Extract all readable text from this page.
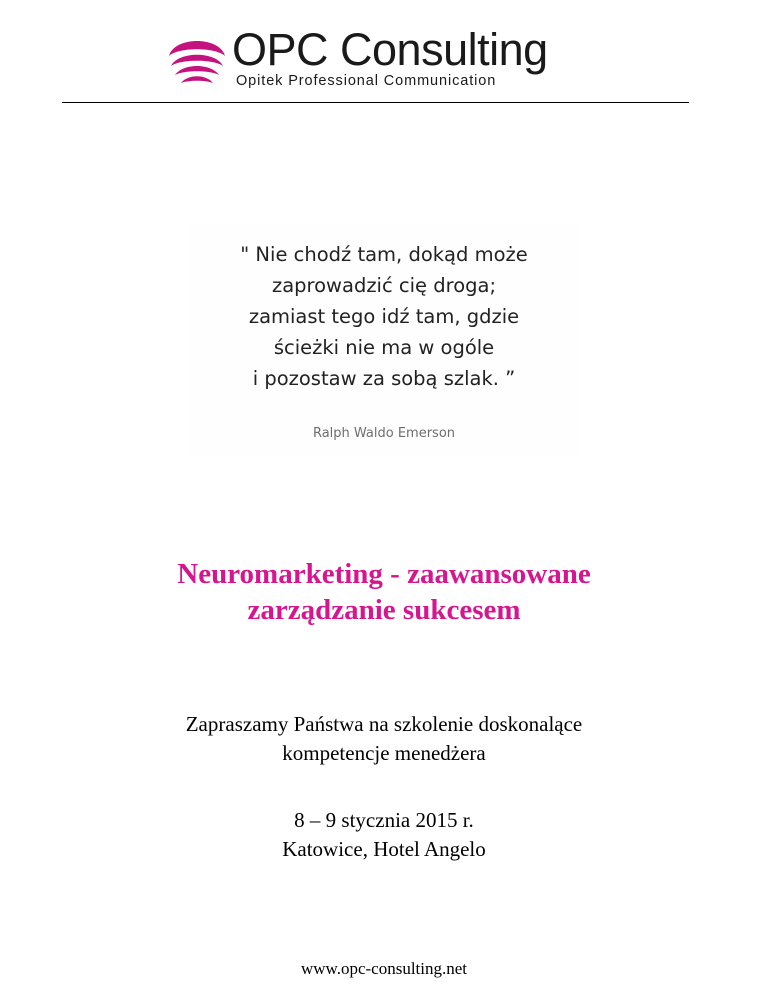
OPC Consulting
Opitek Professional Communication
" Nie chodź tam, dokąd może
zaprowadzić cię droga;
zamiast tego idź tam, gdzie
ścieżki nie ma w ogóle
i pozostaw za sobą szlak. ”
Ralph Waldo Emerson
Neuromarketing - zaawansowane
zarządzanie sukcesem
Zapraszamy Państwa na szkolenie doskonalące
kompetencje menedżera
8 – 9 stycznia 2015 r.
Katowice, Hotel Angelo
www.opc-consulting.net
